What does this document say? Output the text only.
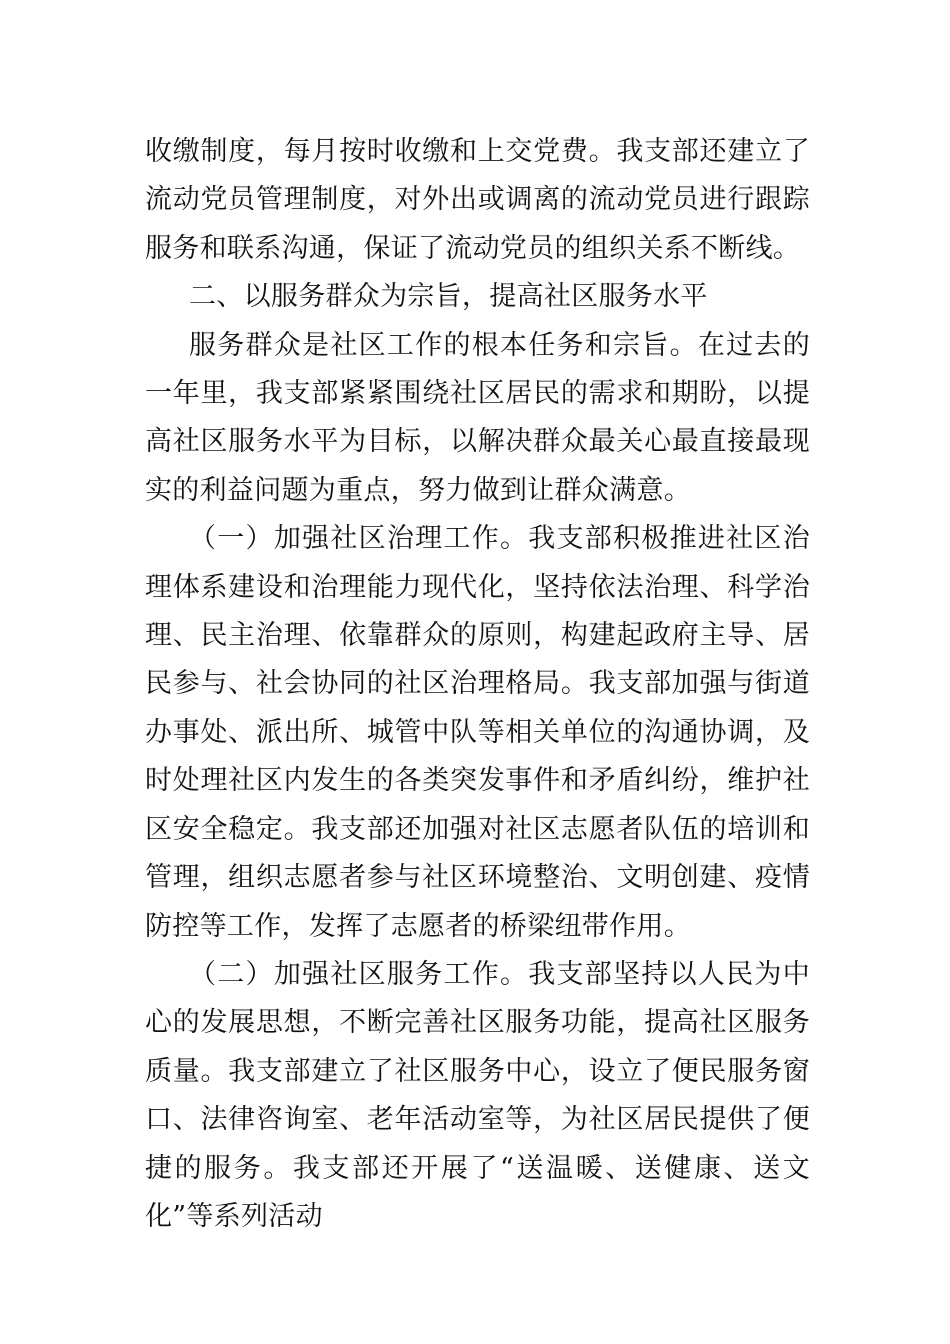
收缴制度，每月按时收缴和上交党费。我支部还建立了流动党员管理制度，对外出或调离的流动党员进行跟踪服务和联系沟通，保证了流动党员的组织关系不断线。

二、以服务群众为宗旨，提高社区服务水平

服务群众是社区工作的根本任务和宗旨。在过去的一年里，我支部紧紧围绕社区居民的需求和期盼，以提高社区服务水平为目标，以解决群众最关心最直接最现实的利益问题为重点，努力做到让群众满意。

（一）加强社区治理工作。我支部积极推进社区治理体系建设和治理能力现代化，坚持依法治理、科学治理、民主治理、依靠群众的原则，构建起政府主导、居民参与、社会协同的社区治理格局。我支部加强与街道办事处、派出所、城管中队等相关单位的沟通协调，及时处理社区内发生的各类突发事件和矛盾纠纷，维护社区安全稳定。我支部还加强对社区志愿者队伍的培训和管理，组织志愿者参与社区环境整治、文明创建、疫情防控等工作，发挥了志愿者的桥梁纽带作用。

（二）加强社区服务工作。我支部坚持以人民为中心的发展思想，不断完善社区服务功能，提高社区服务质量。我支部建立了社区服务中心，设立了便民服务窗口、法律咨询室、老年活动室等，为社区居民提供了便捷的服务。我支部还开展了“送温暖、送健康、送文化”等系列活动
